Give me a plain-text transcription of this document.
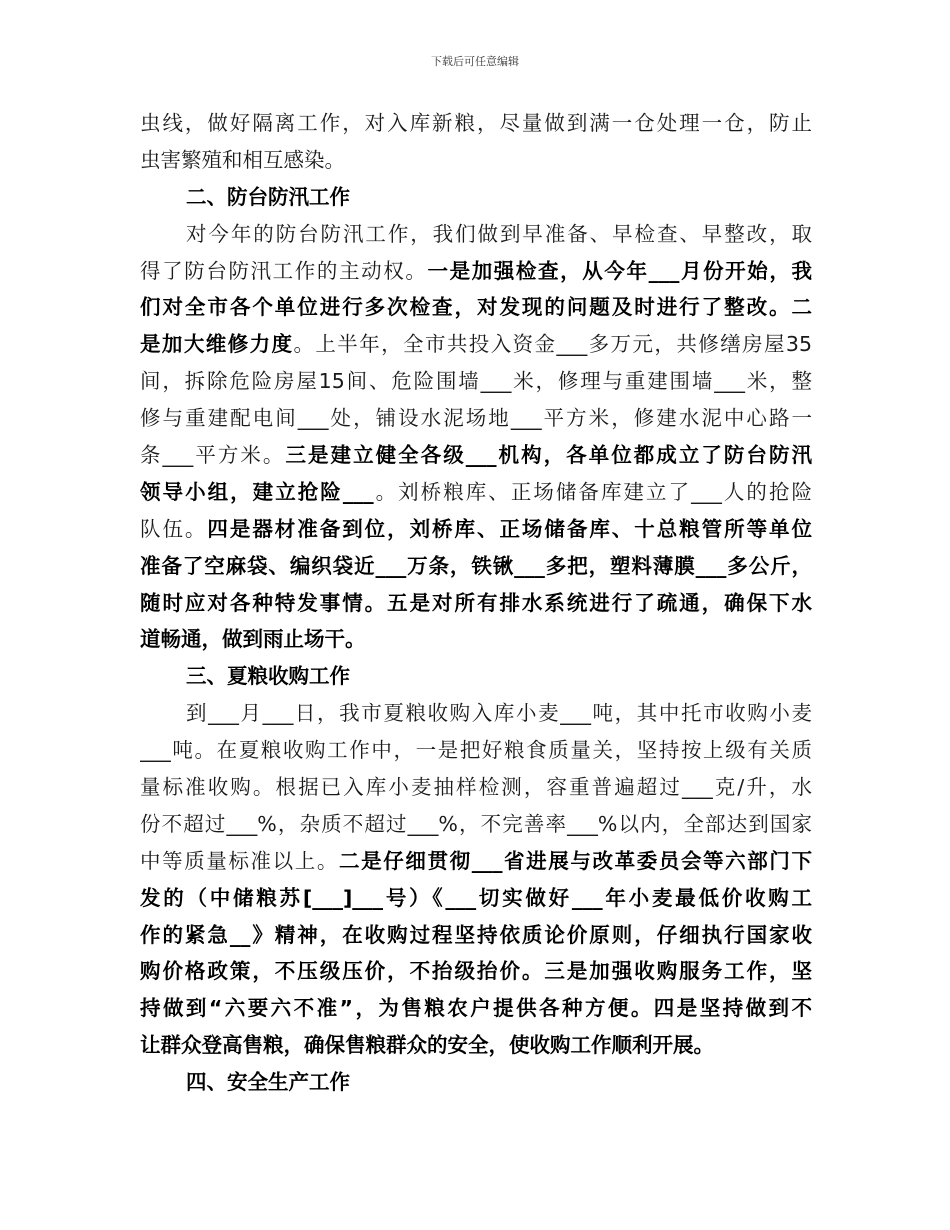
下载后可任意编辑
虫线，做好隔离工作，对入库新粮，尽量做到满一仓处理一仓，防止
虫害繁殖和相互感染。
二、防台防汛工作
对今年的防台防汛工作，我们做到早准备、早检查、早整改，取
得了防台防汛工作的主动权。一是加强检查，从今年___月份开始，我
们对全市各个单位进行多次检查，对发现的问题及时进行了整改。二
是加大维修力度。上半年，全市共投入资金___多万元，共修缮房屋35
间，拆除危险房屋15间、危险围墙___米，修理与重建围墙___米，整
修与重建配电间___处，铺设水泥场地___平方米，修建水泥中心路一
条___平方米。三是建立健全各级___机构，各单位都成立了防台防汛
领导小组，建立抢险___。刘桥粮库、正场储备库建立了___人的抢险
队伍。四是器材准备到位，刘桥库、正场储备库、十总粮管所等单位
准备了空麻袋、编织袋近___万条，铁锹___多把，塑料薄膜___多公斤，
随时应对各种特发事情。五是对所有排水系统进行了疏通，确保下水
道畅通，做到雨止场干。
三、夏粮收购工作
到___月___日，我市夏粮收购入库小麦___吨，其中托市收购小麦
___吨。在夏粮收购工作中，一是把好粮食质量关，坚持按上级有关质
量标准收购。根据已入库小麦抽样检测，容重普遍超过___克/升，水
份不超过___%，杂质不超过___%，不完善率___%以内，全部达到国家
中等质量标准以上。二是仔细贯彻___省进展与改革委员会等六部门下
发的（中储粮苏[___]___号）《___切实做好___年小麦最低价收购工
作的紧急__》精神，在收购过程坚持依质论价原则，仔细执行国家收
购价格政策，不压级压价，不抬级抬价。三是加强收购服务工作，坚
持做到“六要六不准”，为售粮农户提供各种方便。四是坚持做到不
让群众登高售粮，确保售粮群众的安全，使收购工作顺利开展。
四、安全生产工作
